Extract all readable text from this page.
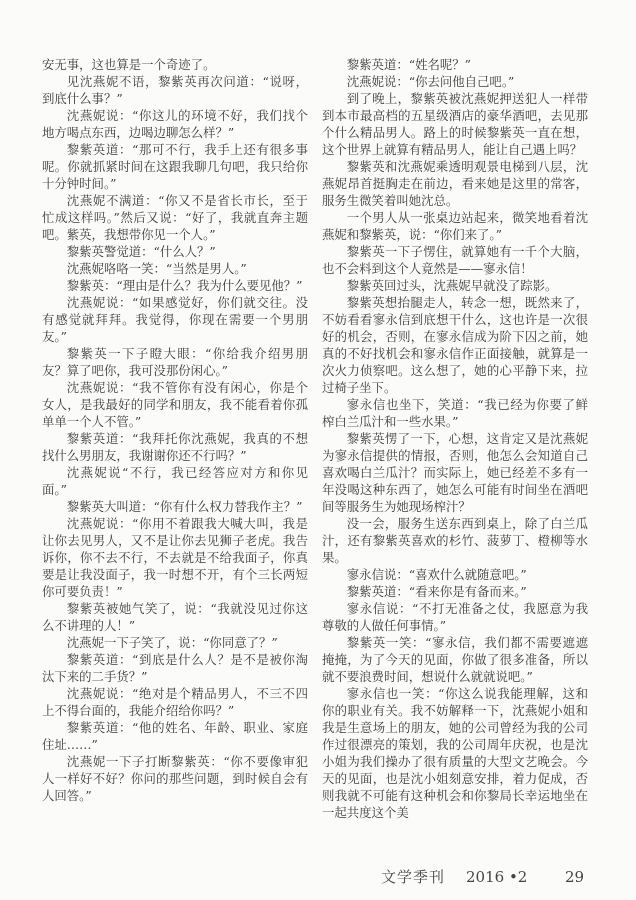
安无事，这也算是一个奇迹了。

见沈燕妮不语，黎紫英再次问道：“说呀，到底什么事？”

沈燕妮说：“你这儿的环境不好，我们找个地方喝点东西，边喝边聊怎么样？”

黎紫英道：“那可不行，我手上还有很多事呢。你就抓紧时间在这跟我聊几句吧，我只给你十分钟时间。”

沈燕妮不满道：“你又不是省长市长，至于忙成这样吗。”然后又说：“好了，我就直奔主题吧。紫英，我想带你见一个人。”

黎紫英警觉道：“什么人？”

沈燕妮咯咯一笑：“当然是男人。”

黎紫英：“理由是什么？我为什么要见他？”

沈燕妮说：“如果感觉好，你们就交往。没有感觉就拜拜。我觉得，你现在需要一个男朋友。”

黎紫英一下子瞪大眼：“你给我介绍男朋友？算了吧你，我可没那份闲心。”

沈燕妮说：“我不管你有没有闲心，你是个女人，是我最好的同学和朋友，我不能看着你孤单单一个人不管。”

黎紫英道：“我拜托你沈燕妮，我真的不想找什么男朋友，我谢谢你还不行吗？”

沈燕妮说“不行，我已经答应对方和你见面。”

黎紫英大叫道：“你有什么权力替我作主？”

沈燕妮说：“你用不着跟我大喊大叫，我是让你去见男人，又不是让你去见狮子老虎。我告诉你，你不去不行，不去就是不给我面子，你真要是让我没面子，我一时想不开，有个三长两短你可要负责！”

黎紫英被她气笑了，说：“我就没见过你这么不讲理的人！”

沈燕妮一下子笑了，说：“你同意了？”

黎紫英道：“到底是什么人？是不是被你淘汰下来的二手货？”

沈燕妮说：“绝对是个精品男人，不三不四上不得台面的，我能介绍给你吗？”

黎紫英道：“他的姓名、年龄、职业、家庭住址……”

沈燕妮一下子打断黎紫英：“你不要像审犯人一样好不好？你问的那些问题，到时候自会有人回答。”

黎紫英道：“姓名呢？”

沈燕妮说：“你去问他自己吧。”

到了晚上，黎紫英被沈燕妮押送犯人一样带到本市最高档的五星级酒店的豪华酒吧，去见那个什么精品男人。路上的时候黎紫英一直在想，这个世界上就算有精品男人，能让自己遇上吗？

黎紫英和沈燕妮乘透明观景电梯到八层，沈燕妮昂首挺胸走在前边，看来她是这里的常客，服务生微笑着叫她沈总。

一个男人从一张桌边站起来，微笑地看着沈燕妮和黎紫英，说：“你们来了。”

黎紫英一下子愣住，就算她有一千个大脑，也不会料到这个人竟然是——寥永信！

黎紫英回过头，沈燕妮早就没了踪影。

黎紫英想抬腿走人，转念一想，既然来了，不妨看看寥永信到底想干什么，这也许是一次很好的机会，否则，在寥永信成为阶下囚之前，她真的不好找机会和寥永信作正面接触，就算是一次火力侦察吧。这么想了，她的心平静下来，拉过椅子坐下。

寥永信也坐下，笑道：“我已经为你要了鲜榨白兰瓜汁和一些水果。”

黎紫英愣了一下，心想，这肯定又是沈燕妮为寥永信提供的情报，否则，他怎么会知道自己喜欢喝白兰瓜汁？而实际上，她已经差不多有一年没喝这种东西了，她怎么可能有时间坐在酒吧间等服务生为她现场榨汁？

没一会，服务生送东西到桌上，除了白兰瓜汁，还有黎紫英喜欢的杉竹、菠萝丁、橙柳等水果。

寥永信说：“喜欢什么就随意吧。”

黎紫英道：“看来你是有备而来。”

寥永信说：“不打无准备之仗，我愿意为我尊敬的人做任何事情。”

黎紫英一笑：“寥永信，我们都不需要遮遮掩掩，为了今天的见面，你做了很多准备，所以就不要浪费时间，想说什么就就说吧。”

寥永信也一笑：“你这么说我能理解，这和你的职业有关。我不妨解释一下，沈燕妮小姐和我是生意场上的朋友，她的公司曾经为我的公司作过很漂亮的策划，我的公司周年庆祝，也是沈小姐为我们操办了很有质量的大型文艺晚会。今天的见面，也是沈小姐刻意安排，着力促成，否则我就不可能有这种机会和你黎局长幸运地坐在一起共度这个美

文学季刊 2016 •2	29
